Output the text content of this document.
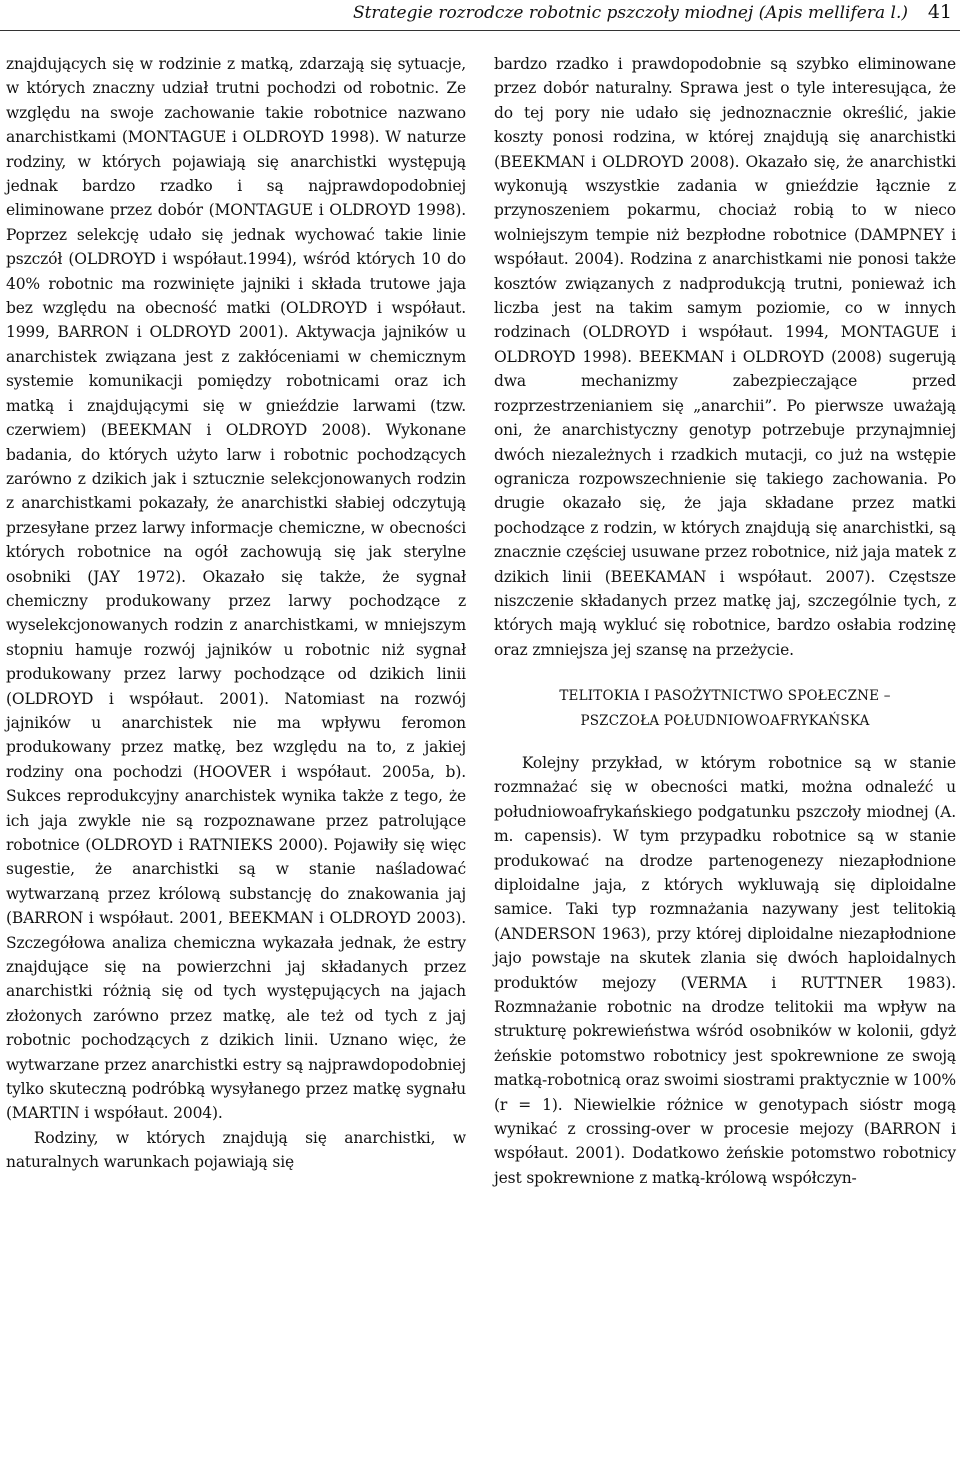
Strategie rozrodcze robotnic pszczoły miodnej (Apis mellifera l.) 41

znajdujących się w rodzinie z matką, zdarzają się sytuacje, w których znaczny udział trutni pochodzi od robotnic. Ze względu na swoje zachowanie takie robotnice nazwano anarchistkami (MONTAGUE i OLDROYD 1998). W naturze rodziny, w których pojawiają się anarchistki występują jednak bardzo rzadko i są najprawdopodobniej eliminowane przez dobór (MONTAGUE i OLDROYD 1998). Poprzez selekcję udało się jednak wychować takie linie pszczół (OLDROYD i współaut.1994), wśród których 10 do 40% robotnic ma rozwinięte jajniki i składa trutowe jaja bez względu na obecność matki (OLDROYD i współaut. 1999, BARRON i OLDROYD 2001). Aktywacja jajników u anarchistek związana jest z zakłóceniami w chemicznym systemie komunikacji pomiędzy robotnicami oraz ich matką i znajdującymi się w gnieździe larwami (tzw. czerwiem) (BEEKMAN i OLDROYD 2008). Wykonane badania, do których użyto larw i robotnic pochodzących zarówno z dzikich jak i sztucznie selekcjonowanych rodzin z anarchistkami pokazały, że anarchistki słabiej odczytują przesyłane przez larwy informacje chemiczne, w obecności których robotnice na ogół zachowują się jak sterylne osobniki (JAY 1972). Okazało się także, że sygnał chemiczny produkowany przez larwy pochodzące z wyselekcjonowanych rodzin z anarchistkami, w mniejszym stopniu hamuje rozwój jajników u robotnic niż sygnał produkowany przez larwy pochodzące od dzikich linii (OLDROYD i współaut. 2001). Natomiast na rozwój jajników u anarchistek nie ma wpływu feromon produkowany przez matkę, bez względu na to, z jakiej rodziny ona pochodzi (HOOVER i współaut. 2005a, b). Sukces reprodukcyjny anarchistek wynika także z tego, że ich jaja zwykle nie są rozpoznawane przez patrolujące robotnice (OLDROYD i RATNIEKS 2000). Pojawiły się więc sugestie, że anarchistki są w stanie naśladować wytwarzaną przez królową substancję do znakowania jaj (BARRON i współaut. 2001, BEEKMAN i OLDROYD 2003). Szczegółowa analiza chemiczna wykazała jednak, że estry znajdujące się na powierzchni jaj składanych przez anarchistki różnią się od tych występujących na jajach złożonych zarówno przez matkę, ale też od tych z jaj robotnic pochodzących z dzikich linii. Uznano więc, że wytwarzane przez anarchistki estry są najprawdopodobniej tylko skuteczną podróbką wysyłanego przez matkę sygnału (MARTIN i współaut. 2004).

Rodziny, w których znajdują się anarchistki, w naturalnych warunkach pojawiają się

bardzo rzadko i prawdopodobnie są szybko eliminowane przez dobór naturalny. Sprawa jest o tyle interesująca, że do tej pory nie udało się jednoznacznie określić, jakie koszty ponosi rodzina, w której znajdują się anarchistki (BEEKMAN i OLDROYD 2008). Okazało się, że anarchistki wykonują wszystkie zadania w gnieździe łącznie z przynoszeniem pokarmu, chociaż robią to w nieco wolniejszym tempie niż bezpłodne robotnice (DAMPNEY i współaut. 2004). Rodzina z anarchistkami nie ponosi także kosztów związanych z nadprodukcją trutni, ponieważ ich liczba jest na takim samym poziomie, co w innych rodzinach (OLDROYD i współaut. 1994, MONTAGUE i OLDROYD 1998). BEEKMAN i OLDROYD (2008) sugerują dwa mechanizmy zabezpieczające przed rozprzestrzenianiem się „anarchii”. Po pierwsze uważają oni, że anarchistyczny genotyp potrzebuje przynajmniej dwóch niezależnych i rzadkich mutacji, co już na wstępie ogranicza rozpowszechnienie się takiego zachowania. Po drugie okazało się, że jaja składane przez matki pochodzące z rodzin, w których znajdują się anarchistki, są znacznie częściej usuwane przez robotnice, niż jaja matek z dzikich linii (BEEKAMAN i współaut. 2007). Częstsze niszczenie składanych przez matkę jaj, szczególnie tych, z których mają wykluć się robotnice, bardzo osłabia rodzinę oraz zmniejsza jej szansę na przeżycie.

TELITOKIA I PASOŻYTNICTWO SPOŁECZNE –
PSZCZOŁA POŁUDNIOWOAFRYKAŃSKA

Kolejny przykład, w którym robotnice są w stanie rozmnażać się w obecności matki, można odnaleźć u południowoafrykańskiego podgatunku pszczoły miodnej (A. m. capensis). W tym przypadku robotnice są w stanie produkować na drodze partenogenezy niezapłodnione diploidalne jaja, z których wykluwają się diploidalne samice. Taki typ rozmnażania nazywany jest telitokią (ANDERSON 1963), przy której diploidalne niezapłodnione jajo powstaje na skutek zlania się dwóch haploidalnych produktów mejozy (VERMA i RUTTNER 1983). Rozmnażanie robotnic na drodze telitokii ma wpływ na strukturę pokrewieństwa wśród osobników w kolonii, gdyż żeńskie potomstwo robotnicy jest spokrewnione ze swoją matką-robotnicą oraz swoimi siostrami praktycznie w 100% (r = 1). Niewielkie różnice w genotypach sióstr mogą wynikać z crossing-over w procesie mejozy (BARRON i współaut. 2001). Dodatkowo żeńskie potomstwo robotnicy jest spokrewnione z matką-królową współczyn-
